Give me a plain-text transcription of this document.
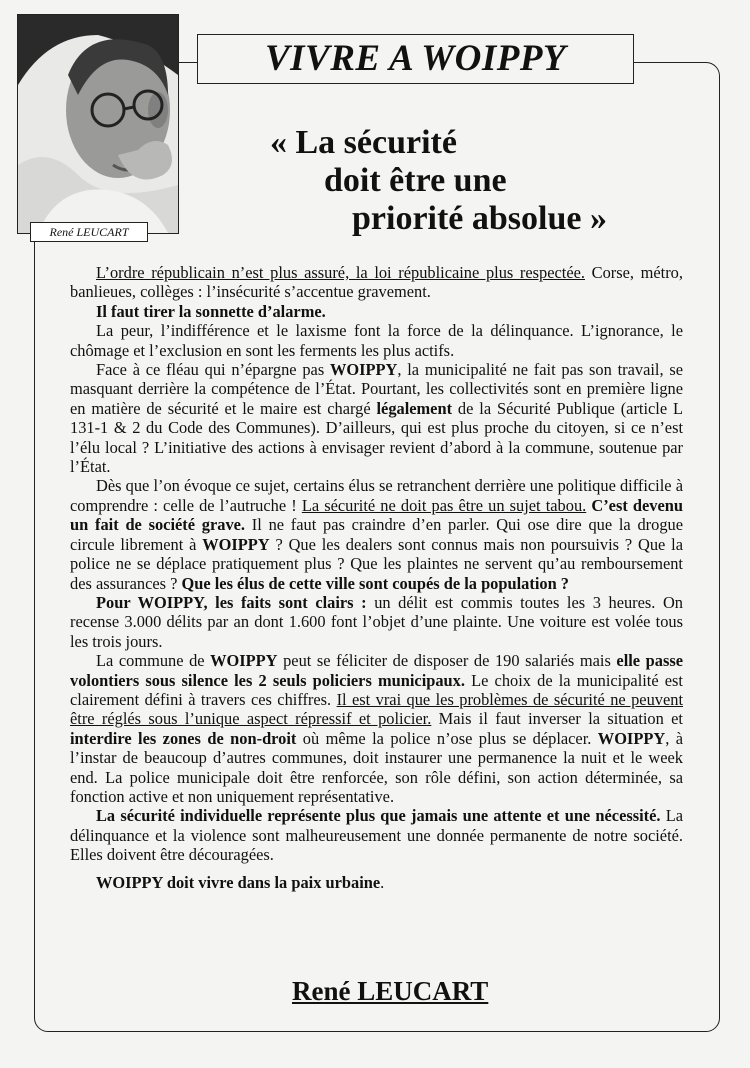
René LEUCART
VIVRE A WOIPPY
« La sécurité
doit être une
priorité absolue »

L’ordre républicain n’est plus assuré, la loi républicaine plus respectée. Corse, métro, banlieues, collèges : l’insécurité s’accentue gravement.

Il faut tirer la sonnette d’alarme.

La peur, l’indifférence et le laxisme font la force de la délinquance. L’ignorance, le chômage et l’exclusion en sont les ferments les plus actifs.

Face à ce fléau qui n’épargne pas WOIPPY, la municipalité ne fait pas son travail, se masquant derrière la compétence de l’État. Pourtant, les collectivités sont en première ligne en matière de sécurité et le maire est chargé légalement de la Sécurité Publique (article L 131-1 & 2 du Code des Communes). D’ailleurs, qui est plus proche du citoyen, si ce n’est l’élu local ? L’initiative des actions à envisager revient d’abord à la commune, soutenue par l’État.

Dès que l’on évoque ce sujet, certains élus se retranchent derrière une politique difficile à comprendre : celle de l’autruche ! La sécurité ne doit pas être un sujet tabou. C’est devenu un fait de société grave. Il ne faut pas craindre d’en parler. Qui ose dire que la drogue circule librement à WOIPPY ? Que les dealers sont connus mais non poursuivis ? Que la police ne se déplace pratiquement plus ? Que les plaintes ne servent qu’au remboursement des assurances ? Que les élus de cette ville sont coupés de la population ?

Pour WOIPPY, les faits sont clairs : un délit est commis toutes les 3 heures. On recense 3.000 délits par an dont 1.600 font l’objet d’une plainte. Une voiture est volée tous les trois jours.

La commune de WOIPPY peut se féliciter de disposer de 190 salariés mais elle passe volontiers sous silence les 2 seuls policiers municipaux. Le choix de la municipalité est clairement défini à travers ces chiffres. Il est vrai que les problèmes de sécurité ne peuvent être réglés sous l’unique aspect répressif et policier. Mais il faut inverser la situation et interdire les zones de non-droit où même la police n’ose plus se déplacer. WOIPPY, à l’instar de beaucoup d’autres communes, doit instaurer une permanence la nuit et le week end. La police municipale doit être renforcée, son rôle défini, son action déterminée, sa fonction active et non uniquement représentative.

La sécurité individuelle représente plus que jamais une attente et une nécessité. La délinquance et la violence sont malheureusement une donnée permanente de notre société. Elles doivent être découragées.

WOIPPY doit vivre dans la paix urbaine.

René LEUCART
